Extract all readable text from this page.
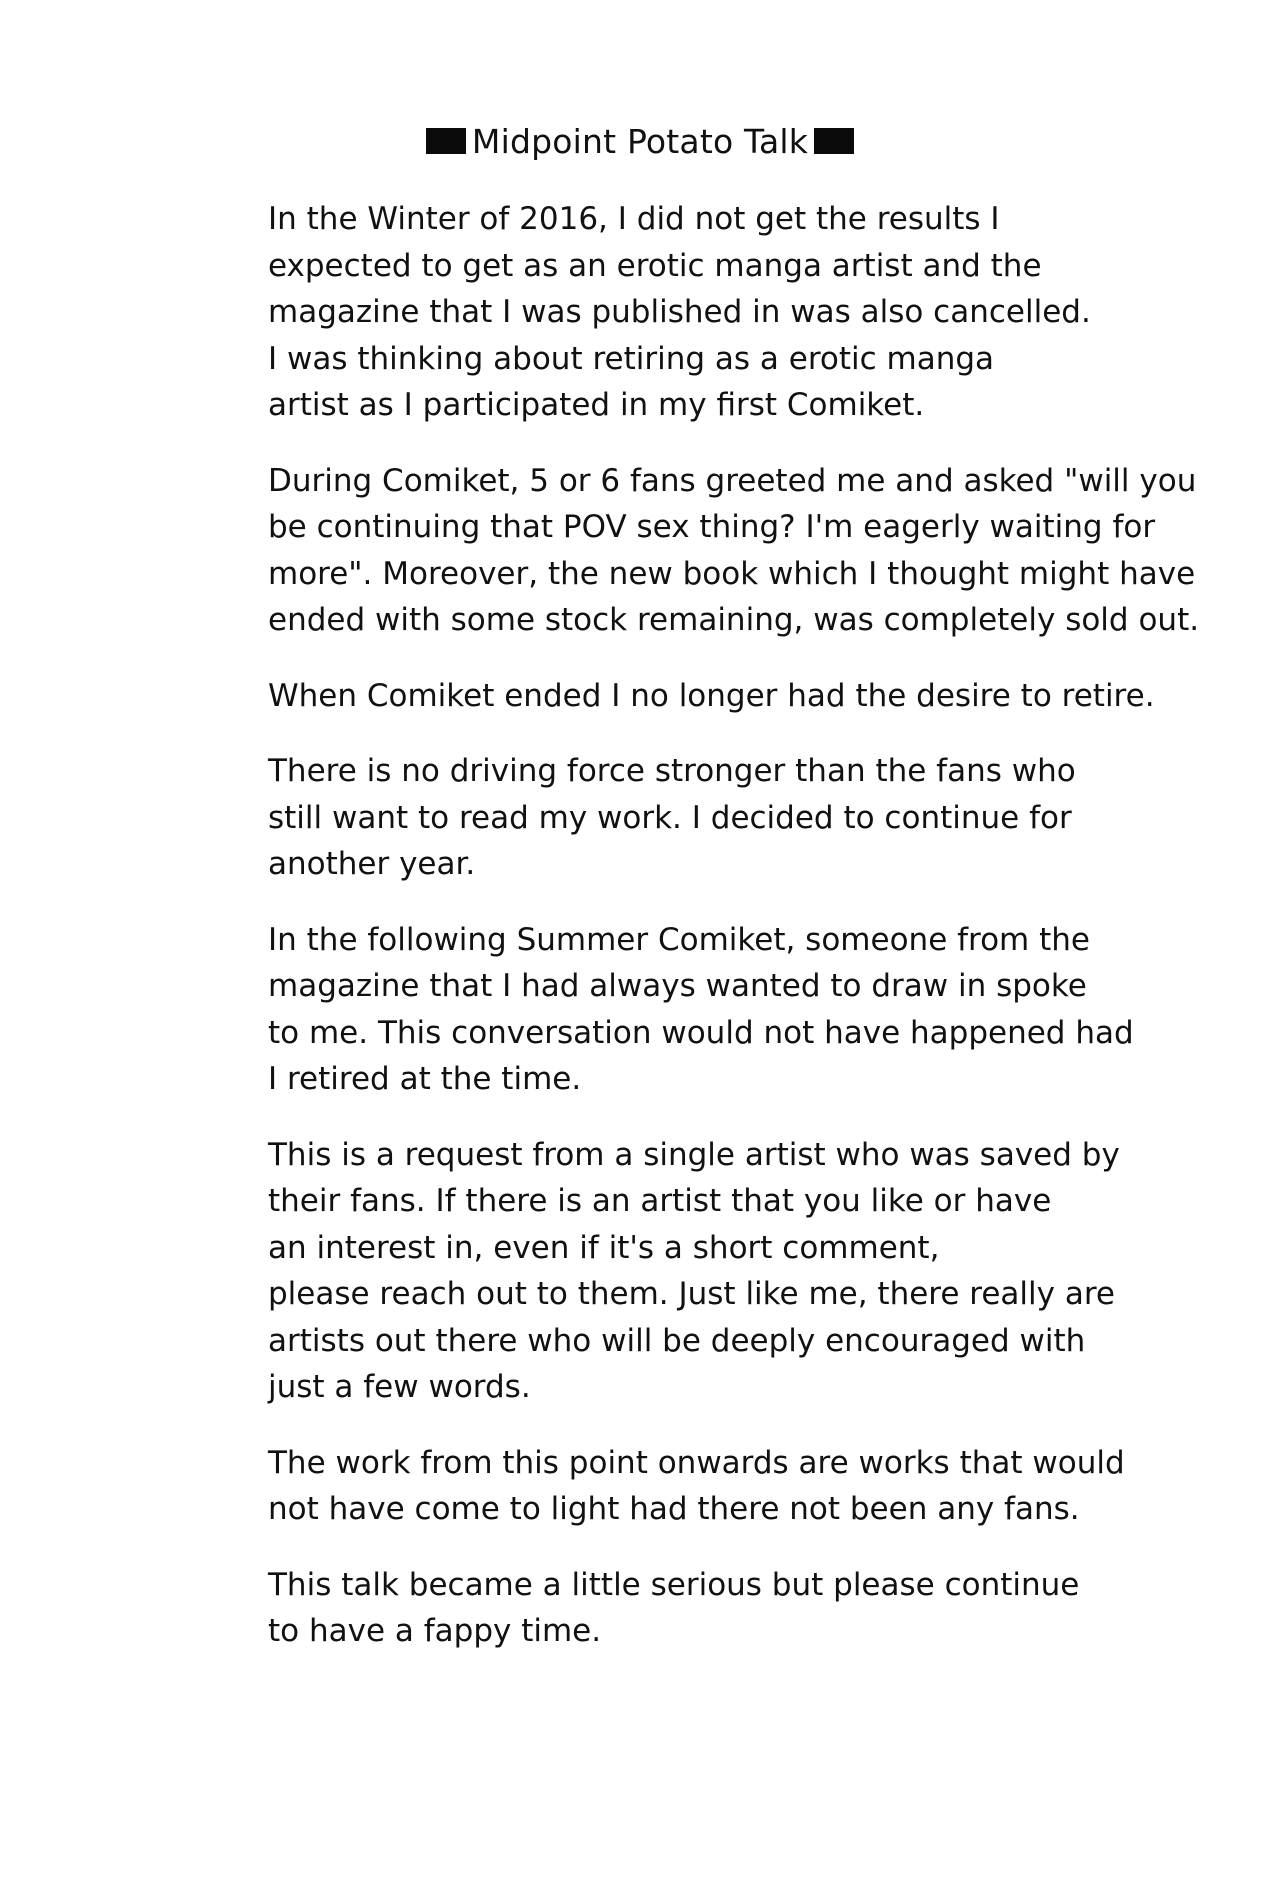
Midpoint Potato Talk
In the Winter of 2016, I did not get the results I
expected to get as an erotic manga artist and the
magazine that I was published in was also cancelled.
I was thinking about retiring as a erotic manga
artist as I participated in my first Comiket.
During Comiket, 5 or 6 fans greeted me and asked "will you
be continuing that POV sex thing? I'm eagerly waiting for
more". Moreover, the new book which I thought might have
ended with some stock remaining, was completely sold out.
When Comiket ended I no longer had the desire to retire.
There is no driving force stronger than the fans who
still want to read my work. I decided to continue for
another year.
In the following Summer Comiket, someone from the
magazine that I had always wanted to draw in spoke
to me. This conversation would not have happened had
I retired at the time.
This is a request from a single artist who was saved by
their fans. If there is an artist that you like or have
an interest in, even if it's a short comment,
please reach out to them. Just like me, there really are
artists out there who will be deeply encouraged with
just a few words.
The work from this point onwards are works that would
not have come to light had there not been any fans.
This talk became a little serious but please continue
to have a fappy time.
